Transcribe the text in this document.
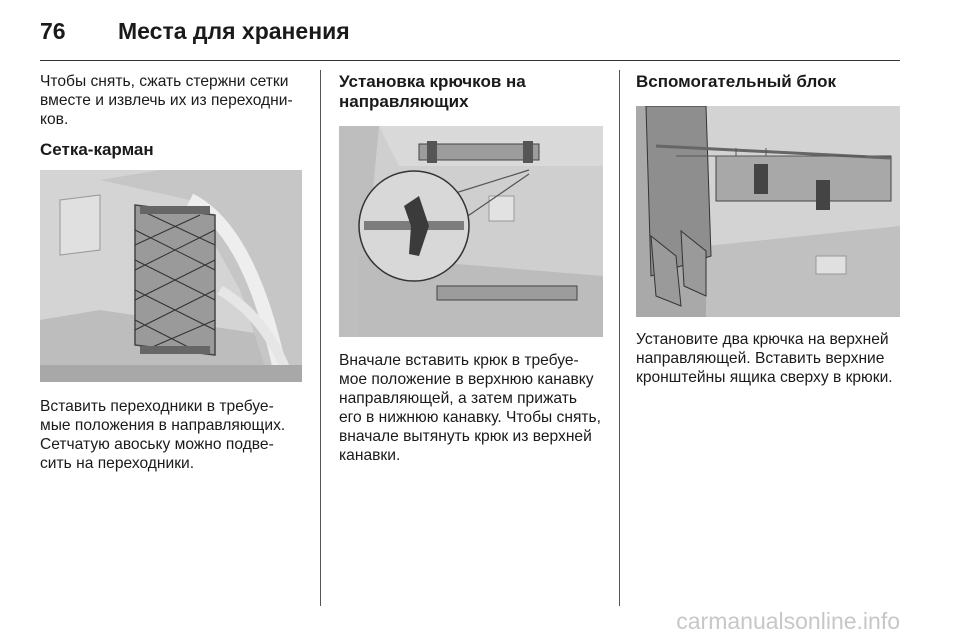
76 Места для хранения

Чтобы снять, сжать стержни сетки вместе и извлечь их из переходни-ков.

Сетка-карман

Вставить переходники в требуе-мые положения в направляющих. Сетчатую авоську можно подве-сить на переходники.

Установка крючков на направляющих

Вначале вставить крюк в требуе-мое положение в верхнюю канавку направляющей, а затем прижать его в нижнюю канавку. Чтобы снять, вначале вытянуть крюк из верхней канавки.

Вспомогательный блок

Установите два крючка на верхней направляющей. Вставить верхние кронштейны ящика сверху в крюки.

carmanualsonline.info
